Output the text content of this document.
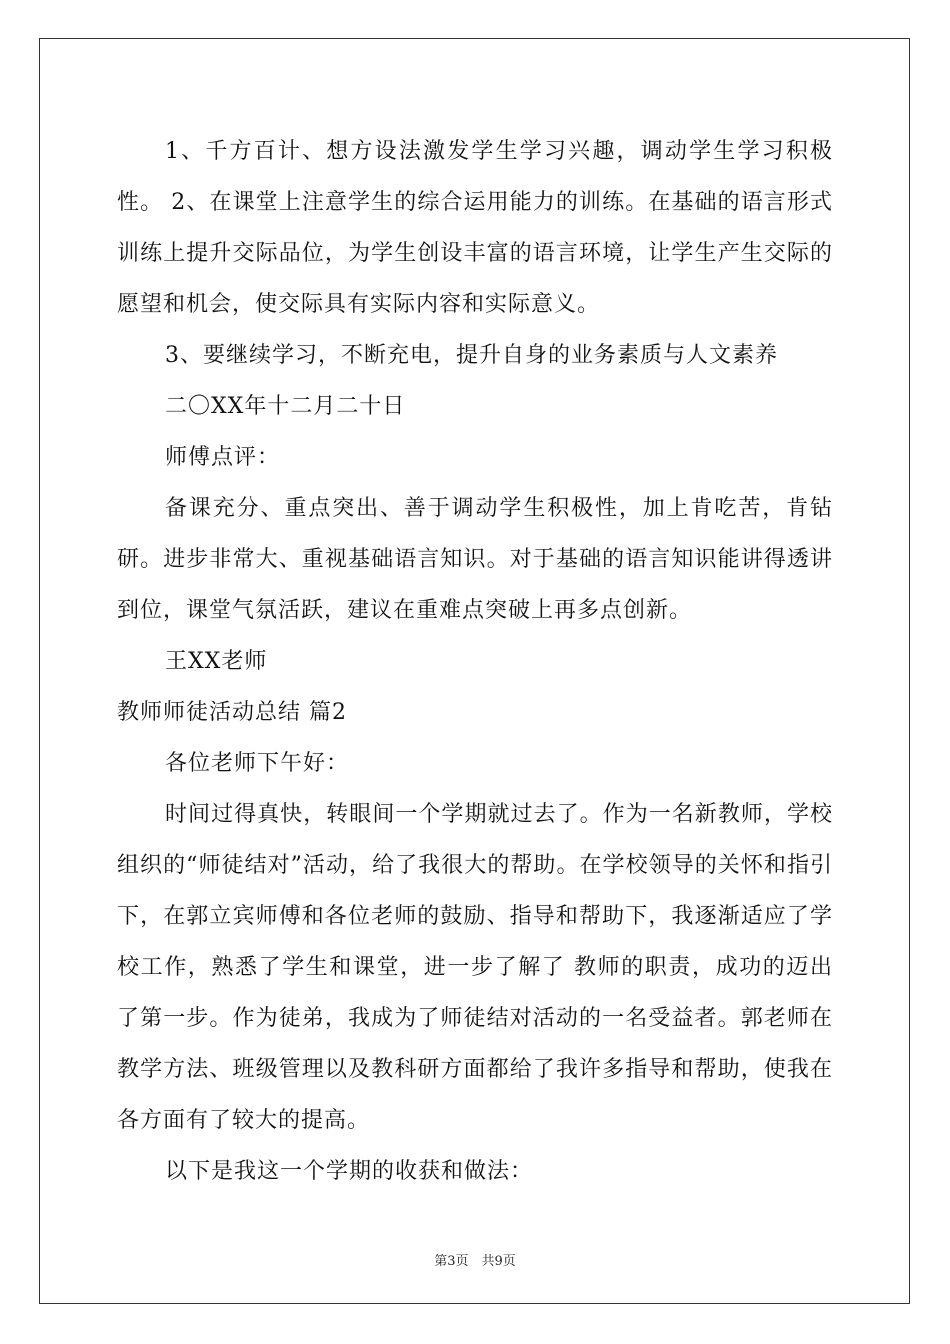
1、千方百计、想方设法激发学生学习兴趣，调动学生学习积极性。 2、在课堂上注意学生的综合运用能力的训练。在基础的语言形式训练上提升交际品位，为学生创设丰富的语言环境，让学生产生交际的愿望和机会，使交际具有实际内容和实际意义。

3、要继续学习，不断充电，提升自身的业务素质与人文素养

二〇XX年十二月二十日

师傅点评：

备课充分、重点突出、善于调动学生积极性，加上肯吃苦，肯钻研。进步非常大、重视基础语言知识。对于基础的语言知识能讲得透讲到位，课堂气氛活跃，建议在重难点突破上再多点创新。

王XX老师

教师师徒活动总结 篇2

各位老师下午好：

时间过得真快，转眼间一个学期就过去了。作为一名新教师，学校组织的“师徒结对”活动，给了我很大的帮助。在学校领导的关怀和指引下，在郭立宾师傅和各位老师的鼓励、指导和帮助下，我逐渐适应了学校工作，熟悉了学生和课堂，进一步了解了 教师的职责，成功的迈出了第一步。作为徒弟，我成为了师徒结对活动的一名受益者。郭老师在教学方法、班级管理以及教科研方面都给了我许多指导和帮助，使我在各方面有了较大的提高。

以下是我这一个学期的收获和做法：

第3页　共9页
